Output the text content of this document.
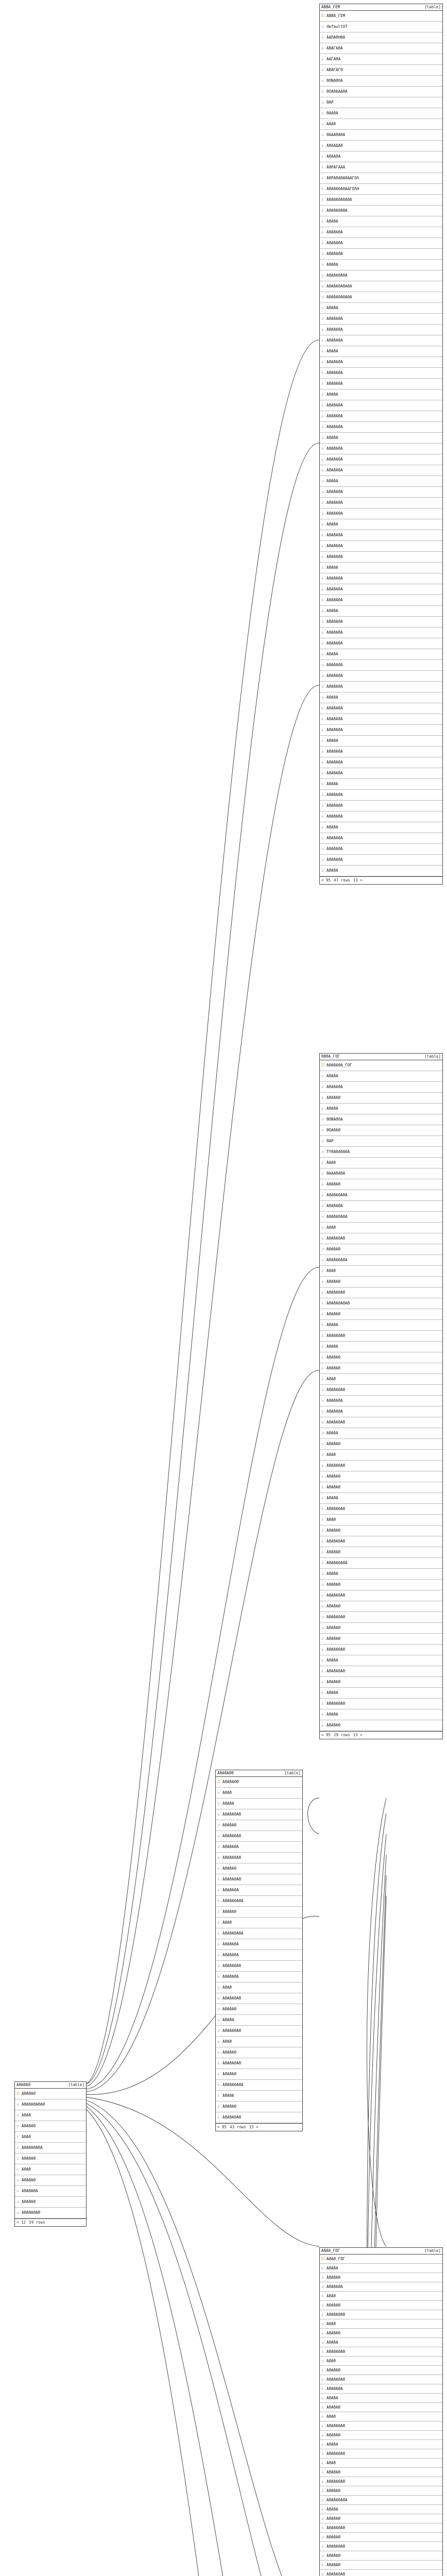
ΑΒΒΑ_ΓΕΜ	[table]
⚿ ΑΒΒΑ_ΓΕΜ
▫ defaultUT
▫ ΑΑΠΑΘΗΘΑ
▫ ΑΒΑΓΑΘΑ
▫ ΑΑΓΑΘΑ
▫ ΑΒΑΓΑΓΟ
▫ ΘΟΝΑΘΟΑ
▫ ΘΟΑΘΑΑΑΘΑ
▫ ΘΑΡ
▫ ΘΑΑΘΑ
▫ ΑΑΑΘ
▫ ΘΑΑΑΘΑΘΑ
▫ ΑΘΑΑΔΑΘ
▫ ΑΘΑΑΘΑ
▫ ΑΘΡΑΓΑΑΑ
▫ ΑΘΡΑΘΑΘΑΘΑΑΓΟΛ
▫ ΑΘΑΘΑΘΑΘΑΑΓΟΛΗ
▫ ΑΘΑΘΑΘΑΘΑΘΑ
▫ ΑΘΑΘΑΘΑΘΑ
▫ ΑΘΑΘΑ
▫ ΑΘΑΘΑΘΑ
▫ ΑΘΑΘΑΘΑ
▫ ΑΘΑΘΑΘΑ
▫ ΑΘΑΘΑ
▫ ΑΘΑΘΑΘΑΘΑ
▫ ΑΘΑΘΑΘΑΘΑΘΑ
▫ ΑΘΑΘΑΘΑΘΑΘΑ
▫ ΑΘΑΘΑ
▫ ΑΘΑΘΑΘΑ
▫ ΑΘΑΘΑΘΑ
▫ ΑΘΑΘΑΘΑ
▫ ΑΘΑΘΑ
▫ ΑΘΑΘΑΘΑ
▫ ΑΘΑΘΑΘΑ
▫ ΑΘΑΘΑΘΑ
▫ ΑΘΑΘΑ
▫ ΑΘΑΘΑΘΑ
▫ ΑΘΑΘΑΘΑ
▫ ΑΘΑΘΑΘΑ
▫ ΑΘΑΘΑ
▫ ΑΘΑΘΑΘΑ
▫ ΑΘΑΘΑΘΑ
▫ ΑΘΑΘΑΘΑ
▫ ΑΘΑΘΑ
▫ ΑΘΑΘΑΘΑ
▫ ΑΘΑΘΑΘΑ
▫ ΑΘΑΘΑΘΑ
▫ ΑΘΑΘΑ
▫ ΑΘΑΘΑΘΑ
▫ ΑΘΑΘΑΘΑ
▫ ΑΘΑΘΑΘΑ
▫ ΑΘΑΘΑ
▫ ΑΘΑΘΑΘΑ
▫ ΑΘΑΘΑΘΑ
▫ ΑΘΑΘΑΘΑ
▫ ΑΘΑΘΑ
▫ ΑΘΑΘΑΘΑ
▫ ΑΘΑΘΑΘΑ
▫ ΑΘΑΘΑΘΑ
▫ ΑΘΑΘΑ
▫ ΑΘΑΘΑΘΑ
▫ ΑΘΑΘΑΘΑ
▫ ΑΘΑΘΑΘΑ
▫ ΑΘΑΘΑ
▫ ΑΘΑΘΑΘΑ
▫ ΑΘΑΘΑΘΑ
▫ ΑΘΑΘΑΘΑ
▫ ΑΘΑΘΑ
▫ ΑΘΑΘΑΘΑ
▫ ΑΘΑΘΑΘΑ
▫ ΑΘΑΘΑΘΑ
▫ ΑΘΑΘΑ
▫ ΑΘΑΘΑΘΑ
▫ ΑΘΑΘΑΘΑ
▫ ΑΘΑΘΑΘΑ
▫ ΑΘΑΘΑ
▫ ΑΘΑΘΑΘΑ
▫ ΑΘΑΘΑΘΑ
▫ ΑΘΑΘΑΘΑ
▫ ΑΘΑΘΑ
< 95 47 rows 13 >
ΘΘΘΑ_ΓΟΓ	[table]
⚿ ΑΘΑΘΑΘΑ_ΓΟΓ
▫ ΑΘΑΘΑ
▫ ΑΘΑΘΑΘΑ
▫ ΑΘΑΘΑΘ
▫ ΑΘΑΘΑ
▫ ΘΟΝΑΘΟΑ
▫ ΘΟΑΘΑΘ
▫ ΘΑΡ
▫ ΤΥΘΑΘΑΘΑΘΑ
▫ ΑΑΑΘ
▫ ΘΑΑΑΘΑΘΑ
▫ ΑΘΑΘΑΘ
▫ ΑΘΑΘΑΘΑΘΑ
▫ ΑΘΑΘΑΘΑ
▫ ΑΘΑΘΑΘΑΘΑ
▫ ΑΘΑΘ
▫ ΑΘΑΘΑΘΑΘ
▫ ΑΘΑΘΑΘ
▫ ΑΘΑΘΑΘΑΘΑ
▫ ΑΘΑΘ
▫ ΑΘΑΘΑΘ
▫ ΑΘΑΘΑΘΑΘ
▫ ΑΘΑΘΑΘΑΘΑΘ
▫ ΑΘΑΘΑΘ
▫ ΑΘΑΘΑ
▫ ΑΘΑΘΑΘΑΘ
▫ ΑΘΑΘΑ
▫ ΑΘΑΘΑΘ
▫ ΑΘΑΘΑΘ
▫ ΑΘΑΘ
▫ ΑΘΑΘΑΘΑΘ
▫ ΑΘΑΘΑΘΑ
▫ ΑΘΑΘΑΘΑ
▫ ΑΘΑΘΑΘΑΘ
▫ ΑΘΑΘΑ
▫ ΑΘΑΘΑΘ
▫ ΑΘΑΘ
▫ ΑΘΑΘΑΘΑΘ
▫ ΑΘΑΘΑΘ
▫ ΑΘΑΘΑΘ
▫ ΑΘΑΘΑ
▫ ΑΘΑΘΑΘΑΘ
▫ ΑΘΑΘ
▫ ΑΘΑΘΑΘ
▫ ΑΘΑΘΑΘΑΘ
▫ ΑΘΑΘΑΘ
▫ ΑΘΑΘΑΘΑΘΑ
▫ ΑΘΑΘΑ
▫ ΑΘΑΘΑΘ
▫ ΑΘΑΘΑΘΑΘ
▫ ΑΘΑΘΑΘ
▫ ΑΘΑΘΑΘΑΘ
▫ ΑΘΑΘΑΘ
▫ ΑΘΑΘΑΘ
▫ ΑΘΑΘΑΘΑΘ
▫ ΑΘΑΘΑ
▫ ΑΘΑΘΑΘΑΘ
▫ ΑΘΑΘΑΘ
▫ ΑΘΑΘΑ
▫ ΑΘΑΘΑΘΑΘ
▫ ΑΘΑΘΑ
▫ ΑΘΑΘΑΘ
< 95 29 rows 13 >
ΑΘΑΘ_ΓΟΓ	[table]
⚿ ΑΘΑΘ_ΓΟΓ
▫ ΑΘΑΘΑ
▫ ΑΘΑΘΑΘ
▫ ΑΘΑΘΑΘΑ
▫ ΑΘΑΘ
▫ ΑΘΑΘΑΘ
▫ ΑΘΑΘΑΘΑΘ
▫ ΑΘΑΘ
▫ ΑΘΑΘΑΘ
▫ ΑΘΑΘΑ
▫ ΑΘΑΘΑΘΑΘ
▫ ΑΘΑΘ
▫ ΑΘΑΘΑΘ
▫ ΑΘΑΘΑΘΑΘ
▫ ΑΘΑΘΑΘΑ
▫ ΑΘΑΘΑ
▫ ΑΘΑΘΑΘ
▫ ΑΘΑΘ
▫ ΑΘΑΘΑΘΑΘ
▫ ΑΘΑΘΑΘ
▫ ΑΘΑΘΑ
▫ ΑΘΑΘΑΘΑΘ
▫ ΑΘΑΘ
▫ ΑΘΑΘΑΘ
▫ ΑΘΑΘΑΘΑΘ
▫ ΑΘΑΘΑΘ
▫ ΑΘΑΘΑΘΑΘΑ
▫ ΑΘΑΘΑ
▫ ΑΘΑΘΑΘ
▫ ΑΘΑΘΑΘΑΘ
▫ ΑΘΑΘΑΘ
▫ ΑΘΑΘΑΘΑΘ
▫ ΑΘΑΘΑΘ
▫ ΑΘΑΘΑΘ
▫ ΑΘΑΘΑΘΑΘ
ΑΘΑΘΑΘΘ	[table]
⚿ ΑΘΑΘΑΘΘ
▫ ΑΘΑΘ
▫ ΑΘΑΘΑ
▫ ΑΘΑΘΑΘΑΘ
▫ ΑΘΑΘΑΘ
▫ ΑΘΑΘΑΘΑΘ
▫ ΑΘΑΘΑΘΑ
▫ ΑΘΑΘΑΘΑΘ
▫ ΑΘΑΘΑΘ
▫ ΑΘΑΘΑΘΑΘ
▫ ΑΘΑΘΑΘΑ
▫ ΑΘΑΘΑΘΑΘΑ
▫ ΑΘΑΘΑΘ
▫ ΑΘΑΘ
▫ ΑΘΑΘΑΘΑΘΑ
▫ ΑΘΑΘΑΘΑ
▫ ΑΘΑΘΑΘΑ
▫ ΑΘΑΘΑΘΑΘ
▫ ΑΘΑΘΑΘΑ
▫ ΑΘΑΘ
▫ ΑΘΑΘΑΘΑΘ
▫ ΑΘΑΘΑΘ
▫ ΑΘΑΘΑ
▫ ΑΘΑΘΑΘΑΘ
▫ ΑΘΑΘ
▫ ΑΘΑΘΑΘ
▫ ΑΘΑΘΑΘΑΘ
▫ ΑΘΑΘΑΘ
▫ ΑΘΑΘΑΘΑΘΑ
▫ ΑΘΑΘΑ
▫ ΑΘΑΘΑΘ
▫ ΑΘΑΘΑΘΑΘ
< 95 43 rows 15 >
ΑΘΑΘΑΘ	[table]
⚿ ΑΘΑΘΑΘ
▫ ΑΘΑΘΑΘΑΘΑΘ
▫ ΑΘΑΘ
▫ ΑΘΑΘΑΘ
▫ ΑΘΑΘ
▫ ΑΘΑΘΑΘΑΘΑ
▫ ΑΘΑΘΑΘ
▫ ΑΘΑΘ
▫ ΑΘΑΘΑΘ
▫ ΑΘΑΘΑΘΑ
▫ ΑΘΑΘΑΘ
▫ ΑΘΑΘΑΘΑΘ
< 12 19 rows
